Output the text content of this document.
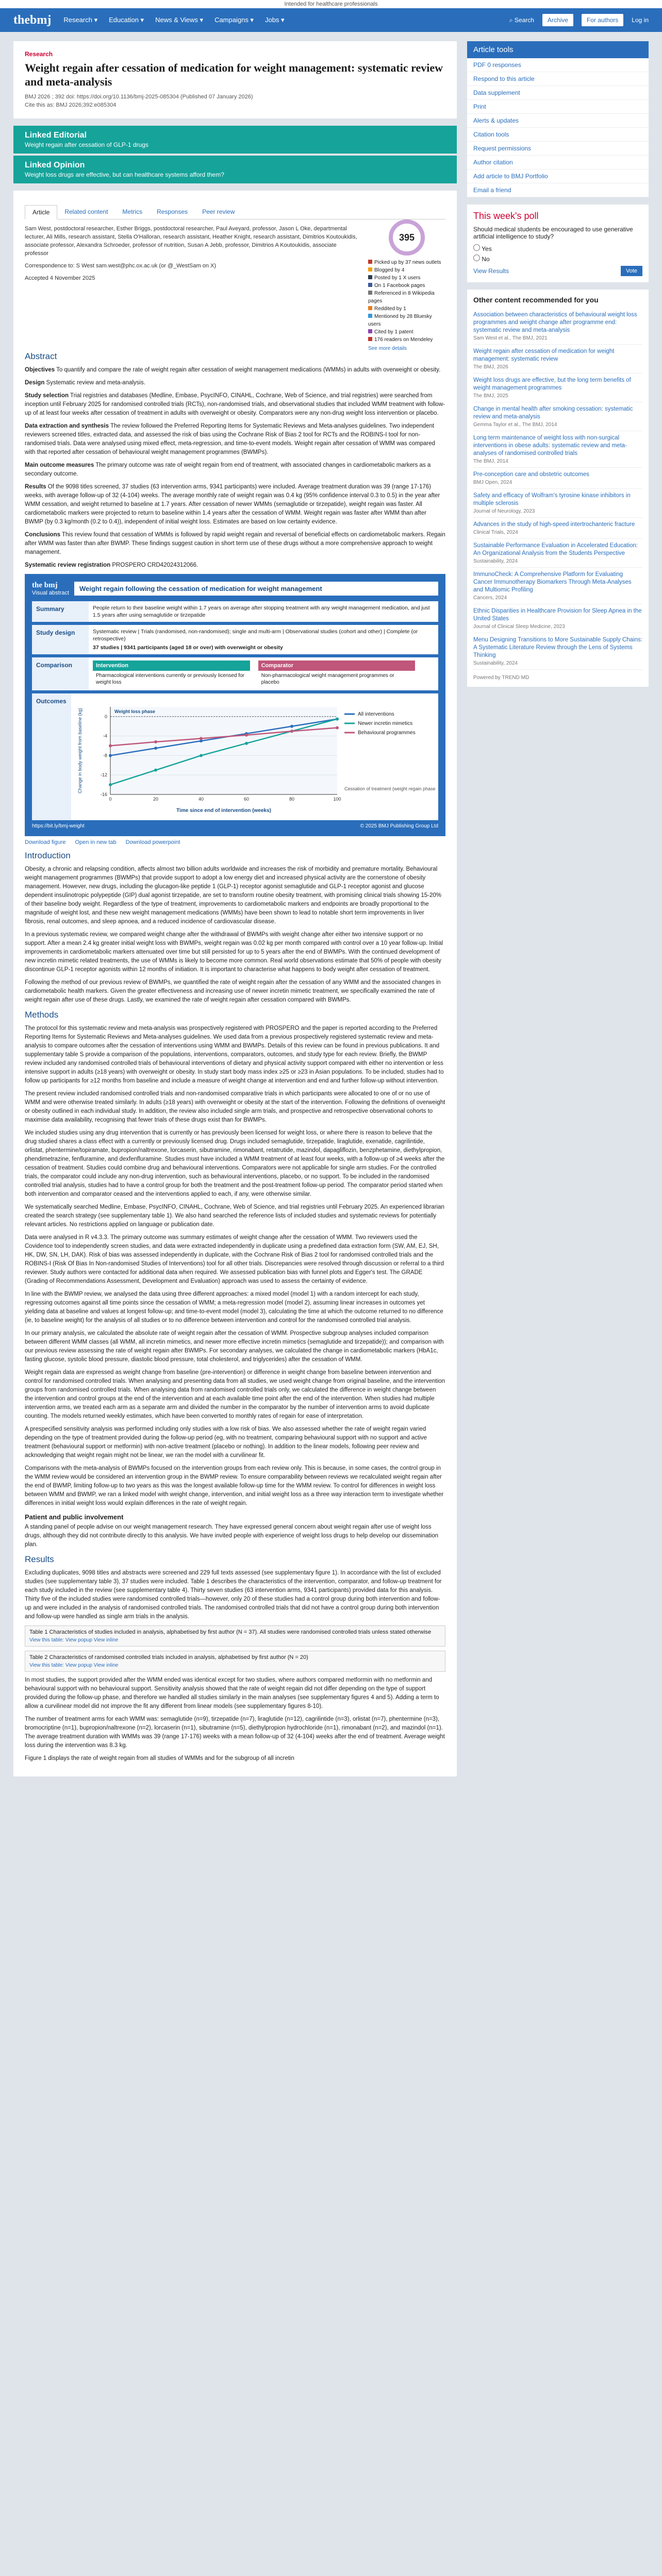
Intended for healthcare professionals
thebmj Research ▾ Education ▾ News & Views ▾ Campaigns ▾ Jobs ▾	⌕ Search	Archive	For authors	Log in
Research
Weight regain after cessation of medication for weight management: systematic review and meta-analysis
BMJ 2026 ; 392 doi: https://doi.org/10.1136/bmj-2025-085304 (Published 07 January 2026)
Cite this as: BMJ 2026;392:e085304
Linked Editorial
Weight regain after cessation of GLP-1 drugs
Linked Opinion
Weight loss drugs are effective, but can healthcare systems afford them?
Article	Related content	Metrics	Responses	Peer review
395
Picked up by 37 news outlets
Blogged by 4
Posted by 1 X users
On 1 Facebook pages
Referenced in 8 Wikipedia pages
Reddited by 1
Mentioned by 28 Bluesky users
Cited by 1 patent
176 readers on Mendeley
See more details
Sam West, postdoctoral researcher, Esther Briggs, postdoctoral researcher, Paul Aveyard, professor, Jason L Oke, departmental lecturer, Ali Mills, research assistant, Stella O'Halloran, research assistant, Heather Knight, research assistant, Dimitrios Koutoukidis, associate professor, Alexandra Schroeder, professor of nutrition, Susan A Jebb, professor, Dimitrios A Koutoukidis, associate professor
Correspondence to: S West sam.west@phc.ox.ac.uk (or @_WestSam on X)
Accepted 4 November 2025
Abstract

Objectives To quantify and compare the rate of weight regain after cessation of weight management medications (WMMs) in adults with overweight or obesity.

Design Systematic review and meta-analysis.

Study selection Trial registries and databases (Medline, Embase, PsycINFO, CINAHL, Cochrane, Web of Science, and trial registries) were searched from inception until February 2025 for randomised controlled trials (RCTs), non-randomised trials, and observational studies that included WMM treatment with follow-up of at least four weeks after cessation of treatment in adults with overweight or obesity. Comparators were any non-drug weight loss intervention or placebo.

Data extraction and synthesis The review followed the Preferred Reporting Items for Systematic Reviews and Meta-analyses guidelines. Two independent reviewers screened titles, extracted data, and assessed the risk of bias using the Cochrane Risk of Bias 2 tool for RCTs and the ROBINS-I tool for non-randomised trials. Data were analysed using mixed effect, meta-regression, and time-to-event models. Weight regain after cessation of WMM was compared with that reported after cessation of behavioural weight management programmes (BWMPs).

Main outcome measures The primary outcome was rate of weight regain from end of treatment, with associated changes in cardiometabolic markers as a secondary outcome.

Results Of the 9098 titles screened, 37 studies (63 intervention arms, 9341 participants) were included. Average treatment duration was 39 (range 17-176) weeks, with average follow-up of 32 (4-104) weeks. The average monthly rate of weight regain was 0.4 kg (95% confidence interval 0.3 to 0.5) in the year after WMM cessation, and weight returned to baseline at 1.7 years. After cessation of newer WMMs (semaglutide or tirzepatide), weight regain was faster. All cardiometabolic markers were projected to return to baseline within 1.4 years after the cessation of WMM. Weight regain was faster after WMM than after BWMP (by 0.3 kg/month (0.2 to 0.4)), independent of initial weight loss. Estimates are based on low certainty evidence.

Conclusions This review found that cessation of WMMs is followed by rapid weight regain and reversal of beneficial effects on cardiometabolic markers. Regain after WMM was faster than after BWMP. These findings suggest caution in short term use of these drugs without a more comprehensive approach to weight management.

Systematic review registration PROSPERO CRD42024312066.

the bmj
Visual abstract
Weight regain following the cessation of medication for weight management
Summary	People return to their baseline weight within 1.7 years on average after stopping treatment with any weight management medication, and just 1.5 years after using semaglutide or tirzepatide
Study design	Systematic review | Trials (randomised, non-randomised); single and multi-arm | Observational studies (cohort and other) | Complete (or retrospective)
37 studies | 9341 participants (aged 18 or over) with overweight or obesity
Comparison	Intervention
Pharmacological interventions currently or previously licensed for weight loss

Comparator
Non-pharmacological weight management programmes or placebo
Outcomes
-16
-12
-8
-4
0
0	20	40	60	80	100
Time since end of intervention (weeks)
Change in body weight from baseline (kg)	All interventions
Newer incretin mimetics
Behavioural programmes
Weight loss phase
Cessation of treatment (weight regain phase)
https://bit.ly/bmj-weight	© 2025 BMJ Publishing Group Ltd
Download figure Open in new tab Download powerpoint
Introduction

Obesity, a chronic and relapsing condition, affects almost two billion adults worldwide and increases the risk of morbidity and premature mortality. Behavioural weight management programmes (BWMPs) that provide support to adopt a low energy diet and increased physical activity are the cornerstone of obesity management. However, new drugs, including the glucagon-like peptide 1 (GLP-1) receptor agonist semaglutide and GLP-1 receptor agonist and glucose dependent insulinotropic polypeptide (GIP) dual agonist tirzepatide, are set to transform routine obesity treatment, with promising clinical trials showing 15-20% of their baseline body weight. Regardless of the type of treatment, improvements to cardiometabolic markers and endpoints are broadly proportional to the magnitude of weight lost, and these new weight management medications (WMMs) have been shown to lead to notable short term improvements in liver fibrosis, renal outcomes, and sleep apnoea, and a reduced incidence of cardiovascular disease.

In a previous systematic review, we compared weight change after the withdrawal of BWMPs with weight change after either two intensive support or no support. After a mean 2.4 kg greater initial weight loss with BWMPs, weight regain was 0.02 kg per month compared with control over a 10 year follow-up. Initial improvements in cardiometabolic markers attenuated over time but still persisted for up to 5 years after the end of BWMPs. With the continued development of new incretin mimetic related treatments, the use of WMMs is likely to become more common. Real world observations estimate that 50% of people with obesity discontinue GLP-1 receptor agonists within 12 months of initiation. It is important to characterise what happens to body weight after cessation of treatment.

Following the method of our previous review of BWMPs, we quantified the rate of weight regain after the cessation of any WMM and the associated changes in cardiometabolic health markers. Given the greater effectiveness and increasing use of newer incretin mimetic treatment, we specifically examined the rate of weight regain after use of these drugs. Lastly, we examined the rate of weight regain after cessation compared with BWMPs.

Methods

The protocol for this systematic review and meta-analysis was prospectively registered with PROSPERO and the paper is reported according to the Preferred Reporting Items for Systematic Reviews and Meta-analyses guidelines. We used data from a previous prospectively registered systematic review and meta-analysis to compare outcomes after the cessation of interventions using WMM and BWMPs. Details of this review can be found in previous publications. It and supplementary table S provide a comparison of the populations, interventions, comparators, outcomes, and study type for each review. Briefly, the BWMP review included any randomised controlled trials of behavioural interventions of dietary and physical activity support compared with either no intervention or less intensive support in adults (≥18 years) with overweight or obesity. In study start body mass index ≥25 or ≥23 in Asian populations. To be included, studies had to follow up participants for ≥12 months from baseline and include a measure of weight change at intervention and end and further follow-up without intervention.

The present review included randomised controlled trials and non-randomised comparative trials in which participants were allocated to one of or no use of WMM and were otherwise treated similarly. In adults (≥18 years) with overweight or obesity at the start of the intervention. Following the definitions of overweight or obesity outlined in each individual study. In addition, the review also included single arm trials, and prospective and retrospective observational cohorts to maximise data availability, recognising that fewer trials of these drugs exist than for BWMPs.

We included studies using any drug intervention that is currently or has previously been licensed for weight loss, or where there is reason to believe that the drug studied shares a class effect with a currently or previously licensed drug. Drugs included semaglutide, tirzepatide, liraglutide, exenatide, cagrilintide, orlistat, phentermine/topiramate, bupropion/naltrexone, lorcaserin, sibutramine, rimonabant, retatrutide, mazindol, dapagliflozin, benzphetamine, diethylpropion, phendimetrazine, fenfluramine, and dexfenfluramine. Studies must have included a WMM treatment of at least four weeks, with a follow-up of ≥4 weeks after the cessation of treatment. Studies could combine drug and behavioural interventions. Comparators were not applicable for single arm studies. For the controlled trials, the comparator could include any non-drug intervention, such as behavioural interventions, placebo, or no support. To be included in the randomised controlled trial analysis, studies had to have a control group for both the treatment and the post-treatment follow-up period. The comparator period started when both intervention and comparator ceased and the interventions applied to each, if any, were otherwise similar.

We systematically searched Medline, Embase, PsycINFO, CINAHL, Cochrane, Web of Science, and trial registries until February 2025. An experienced librarian created the search strategy (see supplementary table 1). We also hand searched the reference lists of included studies and systematic reviews for potentially relevant articles. No restrictions applied on language or publication date.

Data were analysed in R v4.3.3. The primary outcome was summary estimates of weight change after the cessation of WMM. Two reviewers used the Covidence tool to independently screen studies, and data were extracted independently in duplicate using a predefined data extraction form (SW, AM, EJ, SH, HK, DW, SN, LH, DAK). Risk of bias was assessed independently in duplicate, with the Cochrane Risk of Bias 2 tool for randomised controlled trials and the ROBINS-I (Risk Of Bias In Non-randomised Studies of Interventions) tool for all other trials. Discrepancies were resolved through discussion or referral to a third reviewer. Study authors were contacted for additional data when required. We assessed publication bias with funnel plots and Egger's test. The GRADE (Grading of Recommendations Assessment, Development and Evaluation) approach was used to assess the certainty of evidence.

In line with the BWMP review, we analysed the data using three different approaches: a mixed model (model 1) with a random intercept for each study, regressing outcomes against all time points since the cessation of WMM; a meta-regression model (model 2), assuming linear increases in outcomes yet yielding data at baseline and values at longest follow-up; and time-to-event model (model 3), calculating the time at which the outcome returned to no difference (ie, to baseline weight) for the analysis of all studies or to no difference between intervention and control for the randomised controlled trial analysis.

In our primary analysis, we calculated the absolute rate of weight regain after the cessation of WMM. Prospective subgroup analyses included comparison between different WMM classes (all WMM, all incretin mimetics, and newer more effective incretin mimetics (semaglutide and tirzepatide)); and comparison with our previous review assessing the rate of weight regain after BWMPs. For secondary analyses, we calculated the change in cardiometabolic markers (HbA1c, fasting glucose, systolic blood pressure, diastolic blood pressure, total cholesterol, and triglycerides) after the cessation of WMM.

Weight regain data are expressed as weight change from baseline (pre-intervention) or difference in weight change from baseline between intervention and control for randomised controlled trials. When analysing and presenting data from all studies, we used weight change from original baseline, and the intervention groups from randomised controlled trials. When analysing data from randomised controlled trials only, we calculated the difference in weight change between the intervention and control groups at the end of the intervention and at each available time point after the end of the intervention. When studies had multiple intervention arms, we treated each arm as a separate arm and divided the number in the comparator by the number of intervention arms to avoid duplicate counting. The models returned weekly estimates, which have been converted to monthly rates of regain for ease of interpretation.

A prespecified sensitivity analysis was performed including only studies with a low risk of bias. We also assessed whether the rate of weight regain varied depending on the type of treatment provided during the follow-up period (eg, with no treatment, comparing behavioural support with no support and active treatment (behavioural support or metformin) with non-active treatment (placebo or nothing). In addition to the linear models, following peer review and acknowledging that weight regain might not be linear, we ran the model with a curvilinear fit.

Comparisons with the meta-analysis of BWMPs focused on the intervention groups from each review only. This is because, in some cases, the control group in the WMM review would be considered an intervention group in the BWMP review. To ensure comparability between reviews we recalculated weight regain after the end of BWMP, limiting follow-up to two years as this was the longest available follow-up time for the WMM review. To control for differences in weight loss between WMM and BWMP, we ran a linked model with weight change, intervention, and initial weight loss as a three way interaction term to investigate whether differences in initial weight loss would explain differences in the rate of weight regain.

Patient and public involvement

A standing panel of people advise on our weight management research. They have expressed general concern about weight regain after use of weight loss drugs, although they did not contribute directly to this analysis. We have invited people with experience of weight loss drugs to help develop our dissemination plan.

Results

Excluding duplicates, 9098 titles and abstracts were screened and 229 full texts assessed (see supplementary figure 1). In accordance with the list of excluded studies (see supplementary table 3), 37 studies were included. Table 1 describes the characteristics of the intervention, comparator, and follow-up treatment for each study included in the review (see supplementary table 4). Thirty seven studies (63 intervention arms, 9341 participants) provided data for this analysis. Thirty five of the included studies were randomised controlled trials—however, only 20 of these studies had a control group during both intervention and follow-up and were included in the analysis of randomised controlled trials. The randomised controlled trials that did not have a control group during both intervention and follow-up were handled as single arm trials in the analysis.

Table 1 Characteristics of studies included in analysis, alphabetised by first author (N = 37). All studies were randomised controlled trials unless stated otherwise
View this table: View popup View inline
Table 2 Characteristics of randomised controlled trials included in analysis, alphabetised by first author (N = 20)
View this table: View popup View inline

In most studies, the support provided after the WMM ended was identical except for two studies, where authors compared metformin with no metformin and behavioural support with no behavioural support. Sensitivity analysis showed that the rate of weight regain did not differ depending on the type of support provided during the follow-up phase, and therefore we handled all studies similarly in the main analyses (see supplementary figures 4 and 5). Adding a term to allow a curvilinear model did not improve the fit any different from linear models (see supplementary figures 8-10).

The number of treatment arms for each WMM was: semaglutide (n=9), tirzepatide (n=7), liraglutide (n=12), cagrilintide (n=3), orlistat (n=7), phentermine (n=3), bromocriptine (n=1), bupropion/naltrexone (n=2), lorcaserin (n=1), sibutramine (n=5), diethylpropion hydrochloride (n=1), rimonabant (n=2), and mazindol (n=1). The average treatment duration with WMMs was 39 (range 17-176) weeks with a mean follow-up of 32 (4-104) weeks after the end of treatment. Average weight loss during the intervention was 8.3 kg.

Figure 1 displays the rate of weight regain from all studies of WMMs and for the subgroup of all incretin

Article tools
PDF 0 responses
Respond to this article
Data supplement
Print
Alerts & updates
Citation tools
Request permissions
Author citation
Add article to BMJ Portfolio
Email a friend
This week's poll
Should medical students be encouraged to use generative artificial intelligence to study?
Yes
No
View Results	Vote
Other content recommended for you
Association between characteristics of behavioural weight loss programmes and weight change after programme end: systematic review and meta-analysis
Sam West et al., The BMJ, 2021
Weight regain after cessation of medication for weight management: systematic review
The BMJ, 2026
Weight loss drugs are effective, but the long term benefits of weight management programmes
The BMJ, 2025
Change in mental health after smoking cessation: systematic review and meta-analysis
Gemma Taylor et al., The BMJ, 2014
Long term maintenance of weight loss with non-surgical interventions in obese adults: systematic review and meta-analyses of randomised controlled trials
The BMJ, 2014
Pre-conception care and obstetric outcomes
BMJ Open, 2024
Safety and efficacy of Wolfram's tyrosine kinase inhibitors in multiple sclerosis
Journal of Neurology, 2023
Advances in the study of high-speed intertrochanteric fracture
Clinical Trials, 2024
Sustainable Performance Evaluation in Accelerated Education: An Organizational Analysis from the Students Perspective
Sustainability, 2024
ImmunoCheck: A Comprehensive Platform for Evaluating Cancer Immunotherapy Biomarkers Through Meta-Analyses and Multiomic Profiling
Cancers, 2024
Ethnic Disparities in Healthcare Provision for Sleep Apnea in the United States
Journal of Clinical Sleep Medicine, 2023
Menu Designing Transitions to More Sustainable Supply Chains: A Systematic Literature Review through the Lens of Systems Thinking
Sustainability, 2024
Powered by TREND MD
